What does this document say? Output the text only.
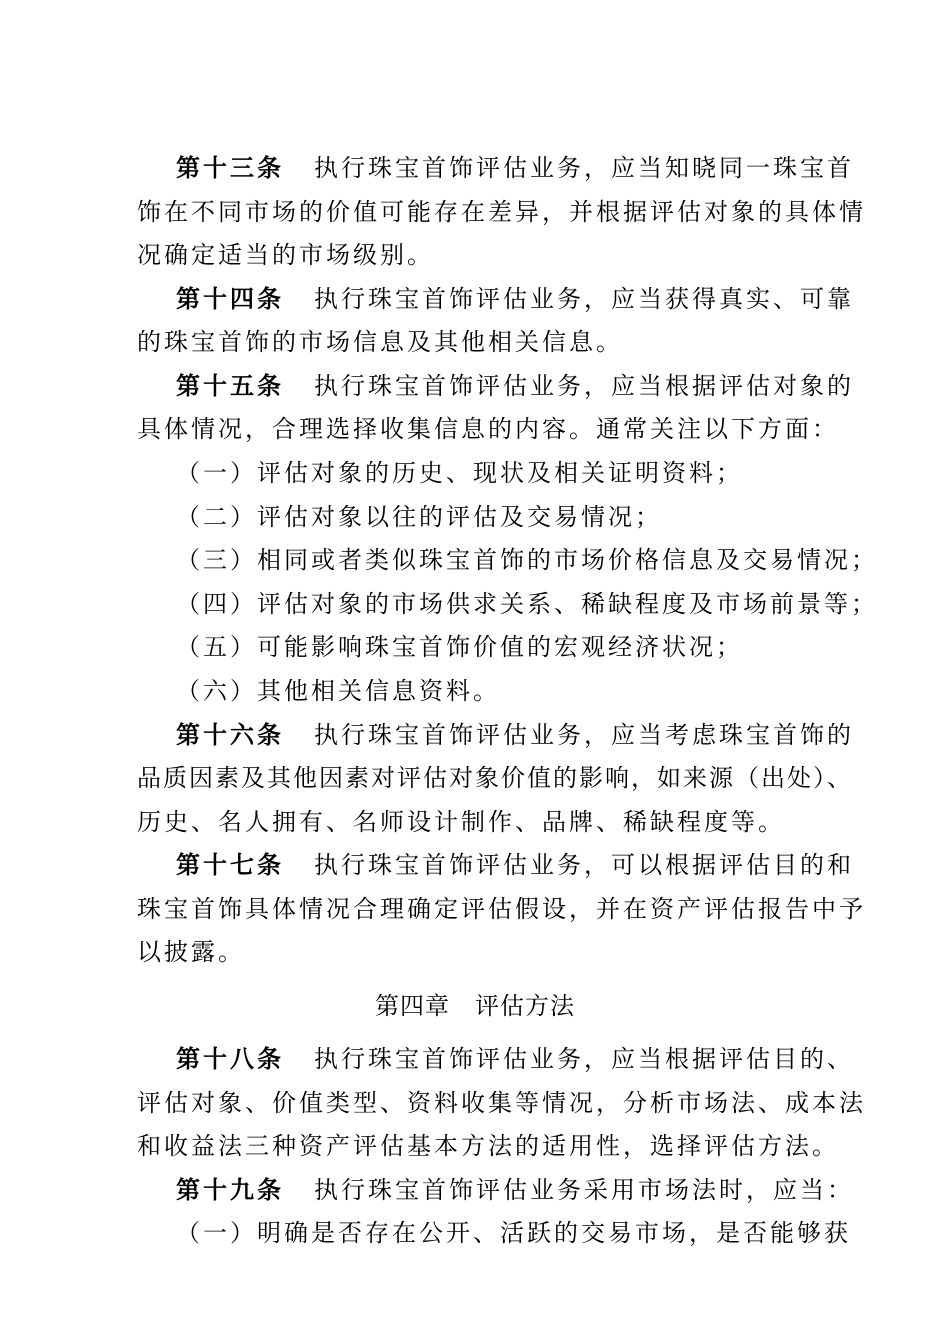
第十三条 执行珠宝首饰评估业务，应当知晓同一珠宝首
饰在不同市场的价值可能存在差异，并根据评估对象的具体情
况确定适当的市场级别。
第十四条 执行珠宝首饰评估业务，应当获得真实、可靠
的珠宝首饰的市场信息及其他相关信息。
第十五条 执行珠宝首饰评估业务，应当根据评估对象的
具体情况，合理选择收集信息的内容。通常关注以下方面：
（一）评估对象的历史、现状及相关证明资料；
（二）评估对象以往的评估及交易情况；
（三）相同或者类似珠宝首饰的市场价格信息及交易情况；
（四）评估对象的市场供求关系、稀缺程度及市场前景等；
（五）可能影响珠宝首饰价值的宏观经济状况；
（六）其他相关信息资料。
第十六条 执行珠宝首饰评估业务，应当考虑珠宝首饰的
品质因素及其他因素对评估对象价值的影响，如来源（出处）、
历史、名人拥有、名师设计制作、品牌、稀缺程度等。
第十七条 执行珠宝首饰评估业务，可以根据评估目的和
珠宝首饰具体情况合理确定评估假设，并在资产评估报告中予
以披露。
第四章　评估方法
第十八条 执行珠宝首饰评估业务，应当根据评估目的、
评估对象、价值类型、资料收集等情况，分析市场法、成本法
和收益法三种资产评估基本方法的适用性，选择评估方法。
第十九条 执行珠宝首饰评估业务采用市场法时，应当：
（一）明确是否存在公开、活跃的交易市场，是否能够获
